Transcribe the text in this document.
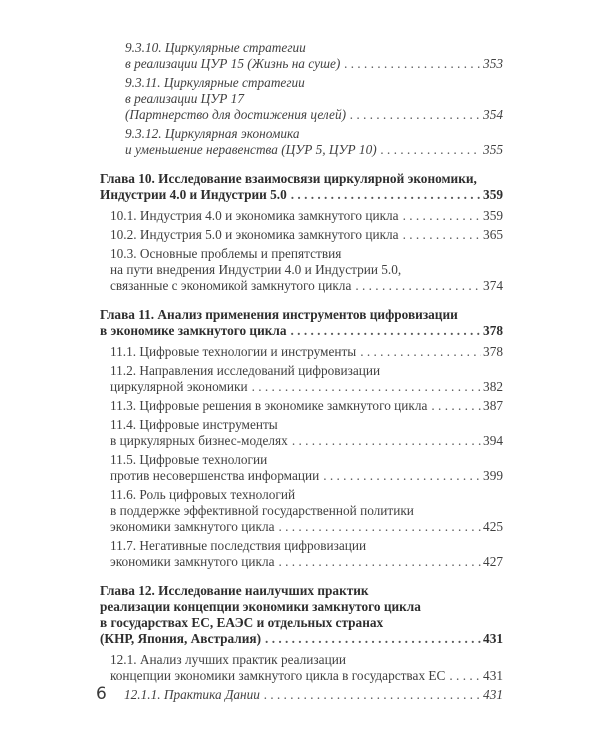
9.3.10. Циркулярные стратегии
в реализации ЦУР 15 (Жизнь на суше) . . .	353
9.3.11. Циркулярные стратегии
в реализации ЦУР 17
(Партнерство для достижения целей) . . .	354
9.3.12. Циркулярная экономика
и уменьшение неравенства (ЦУР 5, ЦУР 10) . . .	355
Глава 10. Исследование взаимосвязи циркулярной экономики,
Индустрии 4.0 и Индустрии 5.0 . . .	359
10.1. Индустрия 4.0 и экономика замкнутого цикла . . .	359
10.2. Индустрия 5.0 и экономика замкнутого цикла . . .	365
10.3. Основные проблемы и препятствия
на пути внедрения Индустрии 4.0 и Индустрии 5.0,
связанные с экономикой замкнутого цикла . . .	374
Глава 11. Анализ применения инструментов цифровизации
в экономике замкнутого цикла . . .	378
11.1. Цифровые технологии и инструменты . . .	378
11.2. Направления исследований цифровизации
циркулярной экономики . . .	382
11.3. Цифровые решения в экономике замкнутого цикла . . .	387
11.4. Цифровые инструменты
в циркулярных бизнес-моделях . . .	394
11.5. Цифровые технологии
против несовершенства информации . . .	399
11.6. Роль цифровых технологий
в поддержке эффективной государственной политики
экономики замкнутого цикла . . .	425
11.7. Негативные последствия цифровизации
экономики замкнутого цикла . . .	427
Глава 12. Исследование наилучших практик
реализации концепции экономики замкнутого цикла
в государствах ЕС, ЕАЭС и отдельных странах
(КНР, Япония, Австралия) . . .	431
12.1. Анализ лучших практик реализации
концепции экономики замкнутого цикла в государствах ЕС . . .	431
12.1.1. Практика Дании . . .	431
6
